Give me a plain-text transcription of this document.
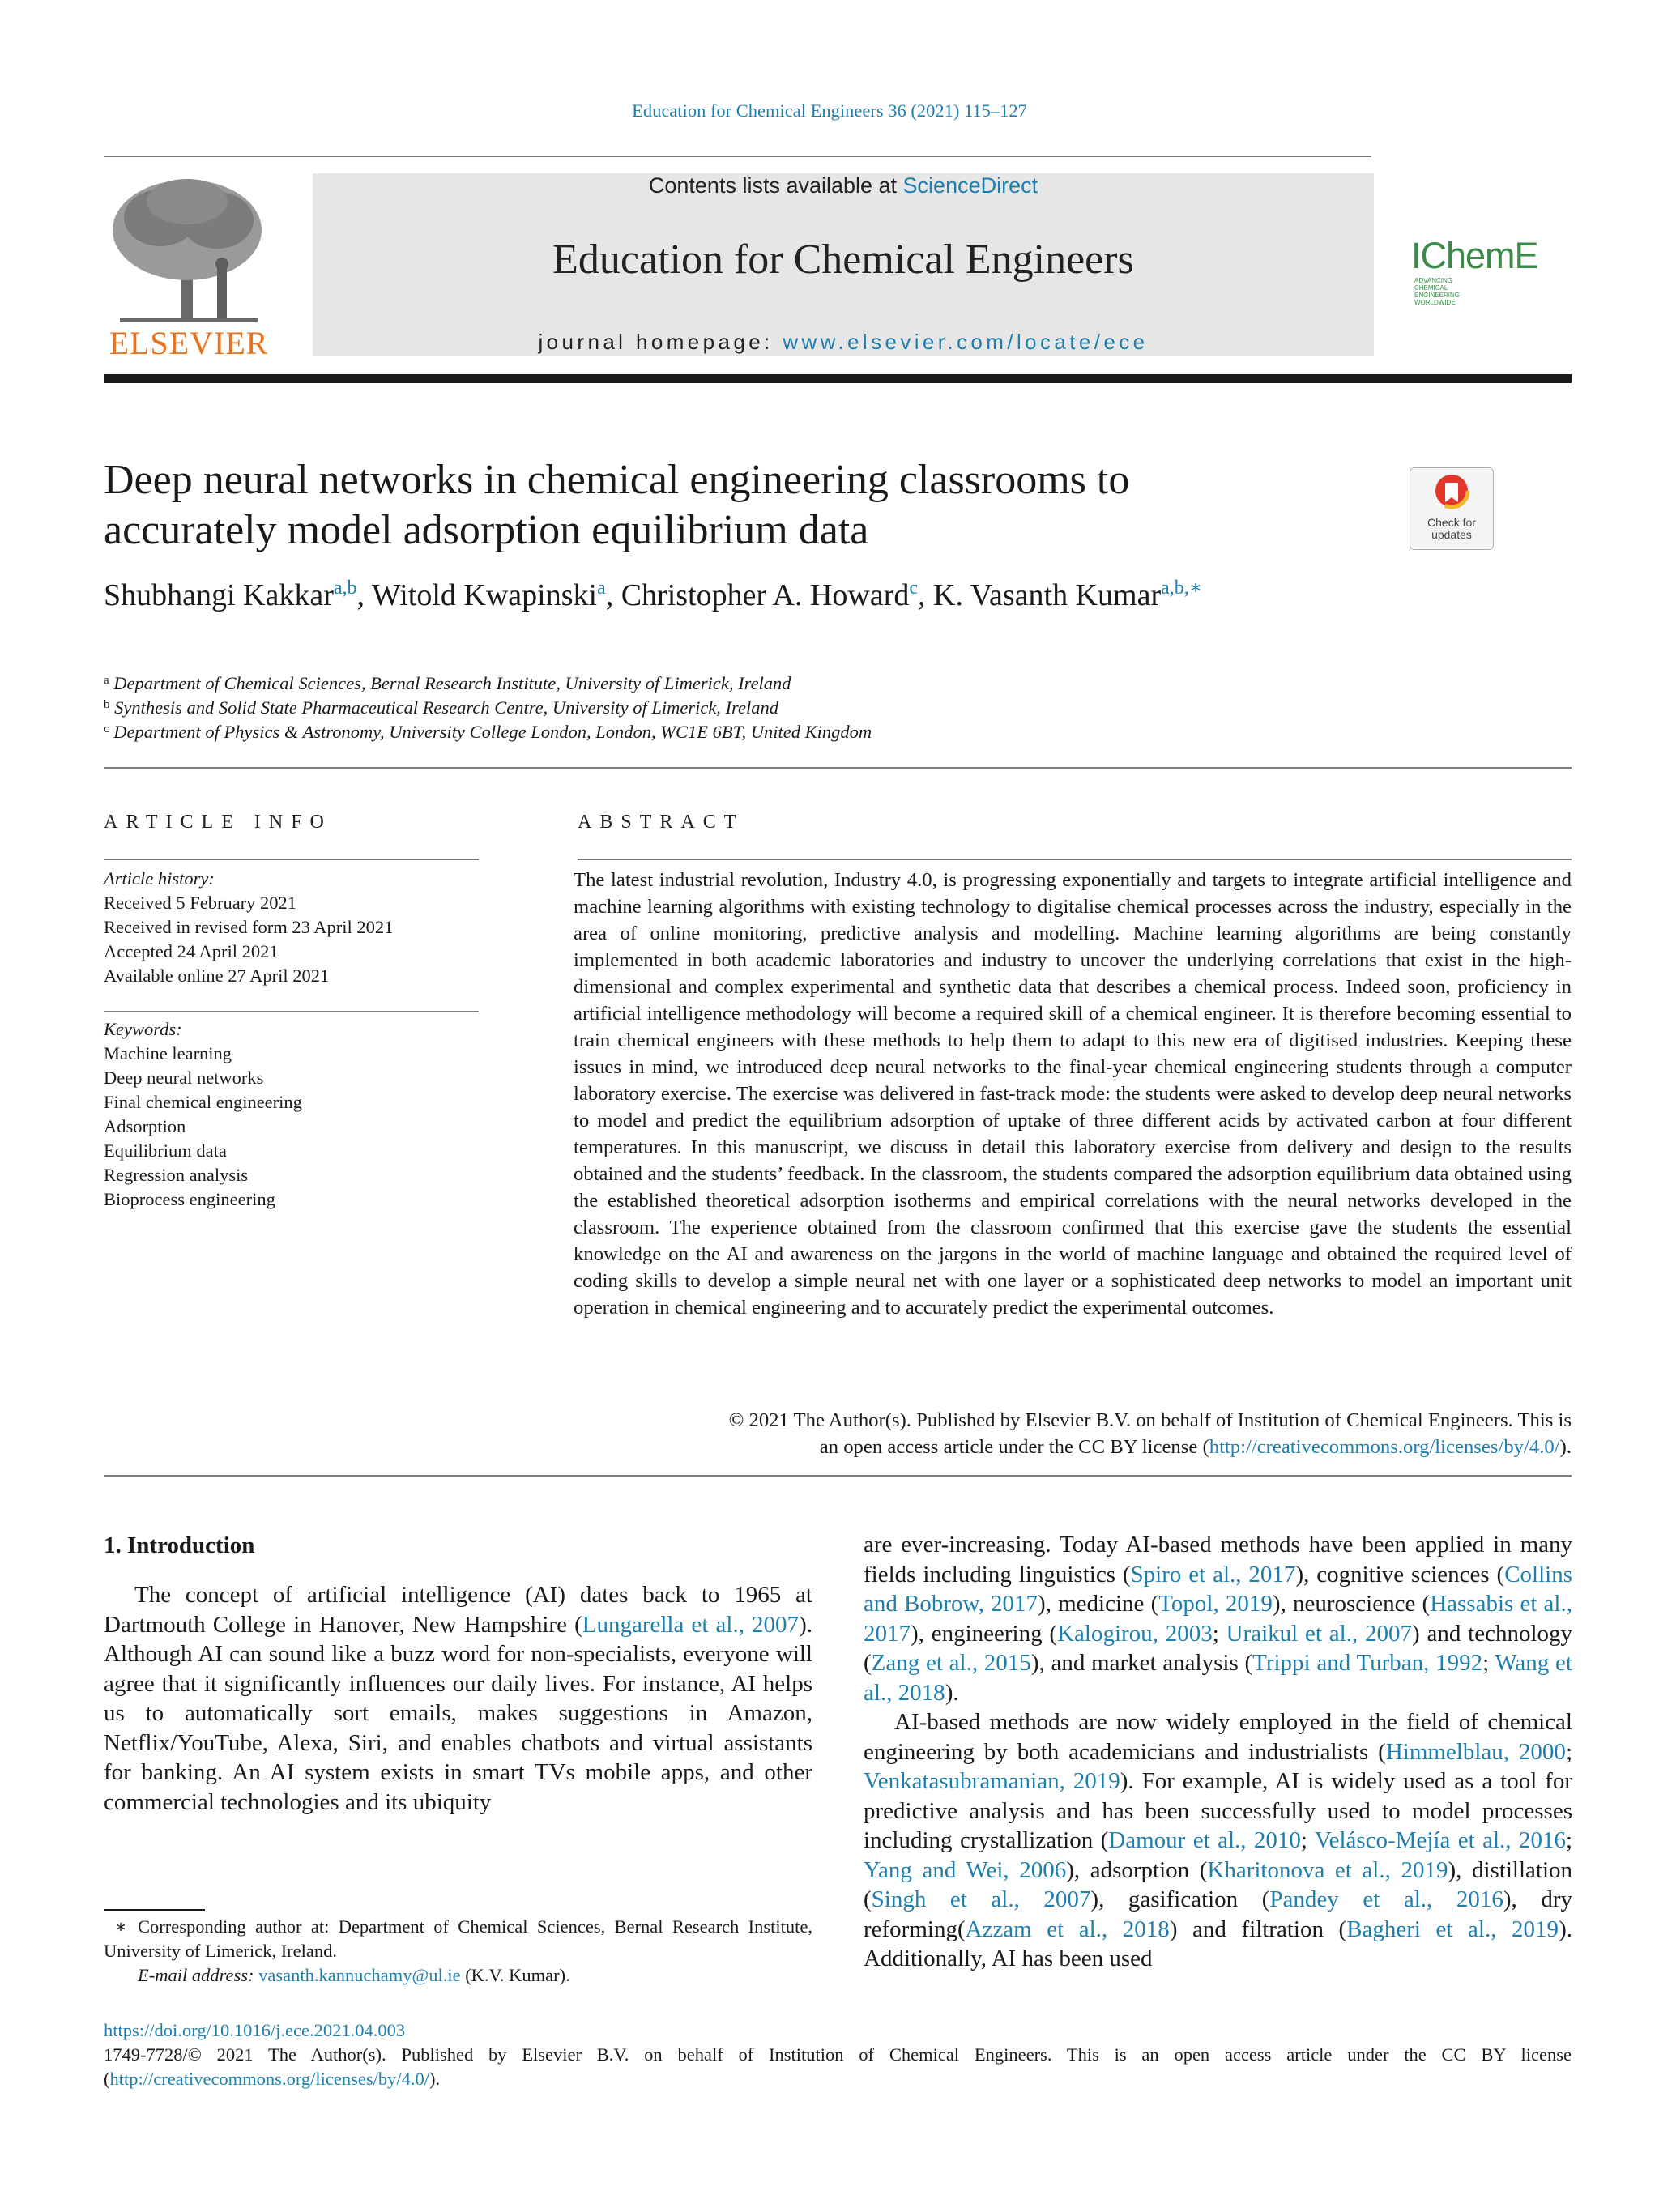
Education for Chemical Engineers 36 (2021) 115–127
ELSEVIER
Contents lists available at ScienceDirect
Education for Chemical Engineers
journal homepage: www.elsevier.com/locate/ece
IChemEADVANCING
CHEMICAL
ENGINEERING
WORLDWIDE
Deep neural networks in chemical engineering classrooms to
accurately model adsorption equilibrium data	Check for
updates
Shubhangi Kakkar$^{a,b}$, Witold Kwapinski$^a$, Christopher A. Howard$^c$, K. Vasanth Kumar$^{a,b,∗}$
$^a$ Department of Chemical Sciences, Bernal Research Institute, University of Limerick, Ireland
$^b$ Synthesis and Solid State Pharmaceutical Research Centre, University of Limerick, Ireland
$^c$ Department of Physics & Astronomy, University College London, London, WC1E 6BT, United Kingdom
ARTICLE INFO	ABSTRACT
Article history:
Received 5 February 2021
Received in revised form 23 April 2021
Accepted 24 April 2021
Available online 27 April 2021
Keywords:
Machine learning
Deep neural networks
Final chemical engineering
Adsorption
Equilibrium data
Regression analysis
Bioprocess engineering
The latest industrial revolution, Industry 4.0, is progressing exponentially and targets to integrate artificial intelligence and machine learning algorithms with existing technology to digitalise chemical processes across the industry, especially in the area of online monitoring, predictive analysis and modelling. Machine learning algorithms are being constantly implemented in both academic laboratories and industry to uncover the underlying correlations that exist in the high-dimensional and complex experimental and synthetic data that describes a chemical process. Indeed soon, proficiency in artificial intelligence methodology will become a required skill of a chemical engineer. It is therefore becoming essential to train chemical engineers with these methods to help them to adapt to this new era of digitised industries. Keeping these issues in mind, we introduced deep neural networks to the final-year chemical engineering students through a computer laboratory exercise. The exercise was delivered in fast-track mode: the students were asked to develop deep neural networks to model and predict the equilibrium adsorption of uptake of three different acids by activated carbon at four different temperatures. In this manuscript, we discuss in detail this laboratory exercise from delivery and design to the results obtained and the students’ feedback. In the classroom, the students compared the adsorption equilibrium data obtained using the established theoretical adsorption isotherms and empirical correlations with the neural networks developed in the classroom. The experience obtained from the classroom confirmed that this exercise gave the students the essential knowledge on the AI and awareness on the jargons in the world of machine language and obtained the required level of coding skills to develop a simple neural net with one layer or a sophisticated deep networks to model an important unit operation in chemical engineering and to accurately predict the experimental outcomes.
© 2021 The Author(s). Published by Elsevier B.V. on behalf of Institution of Chemical Engineers. This is
an open access article under the CC BY license (http://creativecommons.org/licenses/by/4.0/).
1. Introduction

The concept of artificial intelligence (AI) dates back to 1965 at Dartmouth College in Hanover, New Hampshire (Lungarella et al., 2007). Although AI can sound like a buzz word for non-specialists, everyone will agree that it significantly influences our daily lives. For instance, AI helps us to automatically sort emails, makes suggestions in Amazon, Netflix/YouTube, Alexa, Siri, and enables chatbots and virtual assistants for banking. An AI system exists in smart TVs mobile apps, and other commercial technologies and its ubiquity

are ever-increasing. Today AI-based methods have been applied in many fields including linguistics (Spiro et al., 2017), cognitive sciences (Collins and Bobrow, 2017), medicine (Topol, 2019), neuroscience (Hassabis et al., 2017), engineering (Kalogirou, 2003; Uraikul et al., 2007) and technology (Zang et al., 2015), and market analysis (Trippi and Turban, 1992; Wang et al., 2018).

AI-based methods are now widely employed in the field of chemical engineering by both academicians and industrialists (Himmelblau, 2000; Venkatasubramanian, 2019). For example, AI is widely used as a tool for predictive analysis and has been successfully used to model processes including crystallization (Damour et al., 2010; Velásco-Mejía et al., 2016; Yang and Wei, 2006), adsorption (Kharitonova et al., 2019), distillation (Singh et al., 2007), gasification (Pandey et al., 2016), dry reforming(Azzam et al., 2018) and filtration (Bagheri et al., 2019). Additionally, AI has been used

∗ Corresponding author at: Department of Chemical Sciences, Bernal Research Institute, University of Limerick, Ireland.
E-mail address: vasanth.kannuchamy@ul.ie (K.V. Kumar).
https://doi.org/10.1016/j.ece.2021.04.003
1749-7728/© 2021 The Author(s). Published by Elsevier B.V. on behalf of Institution of Chemical Engineers. This is an open access article under the CC BY license (http://creativecommons.org/licenses/by/4.0/).
